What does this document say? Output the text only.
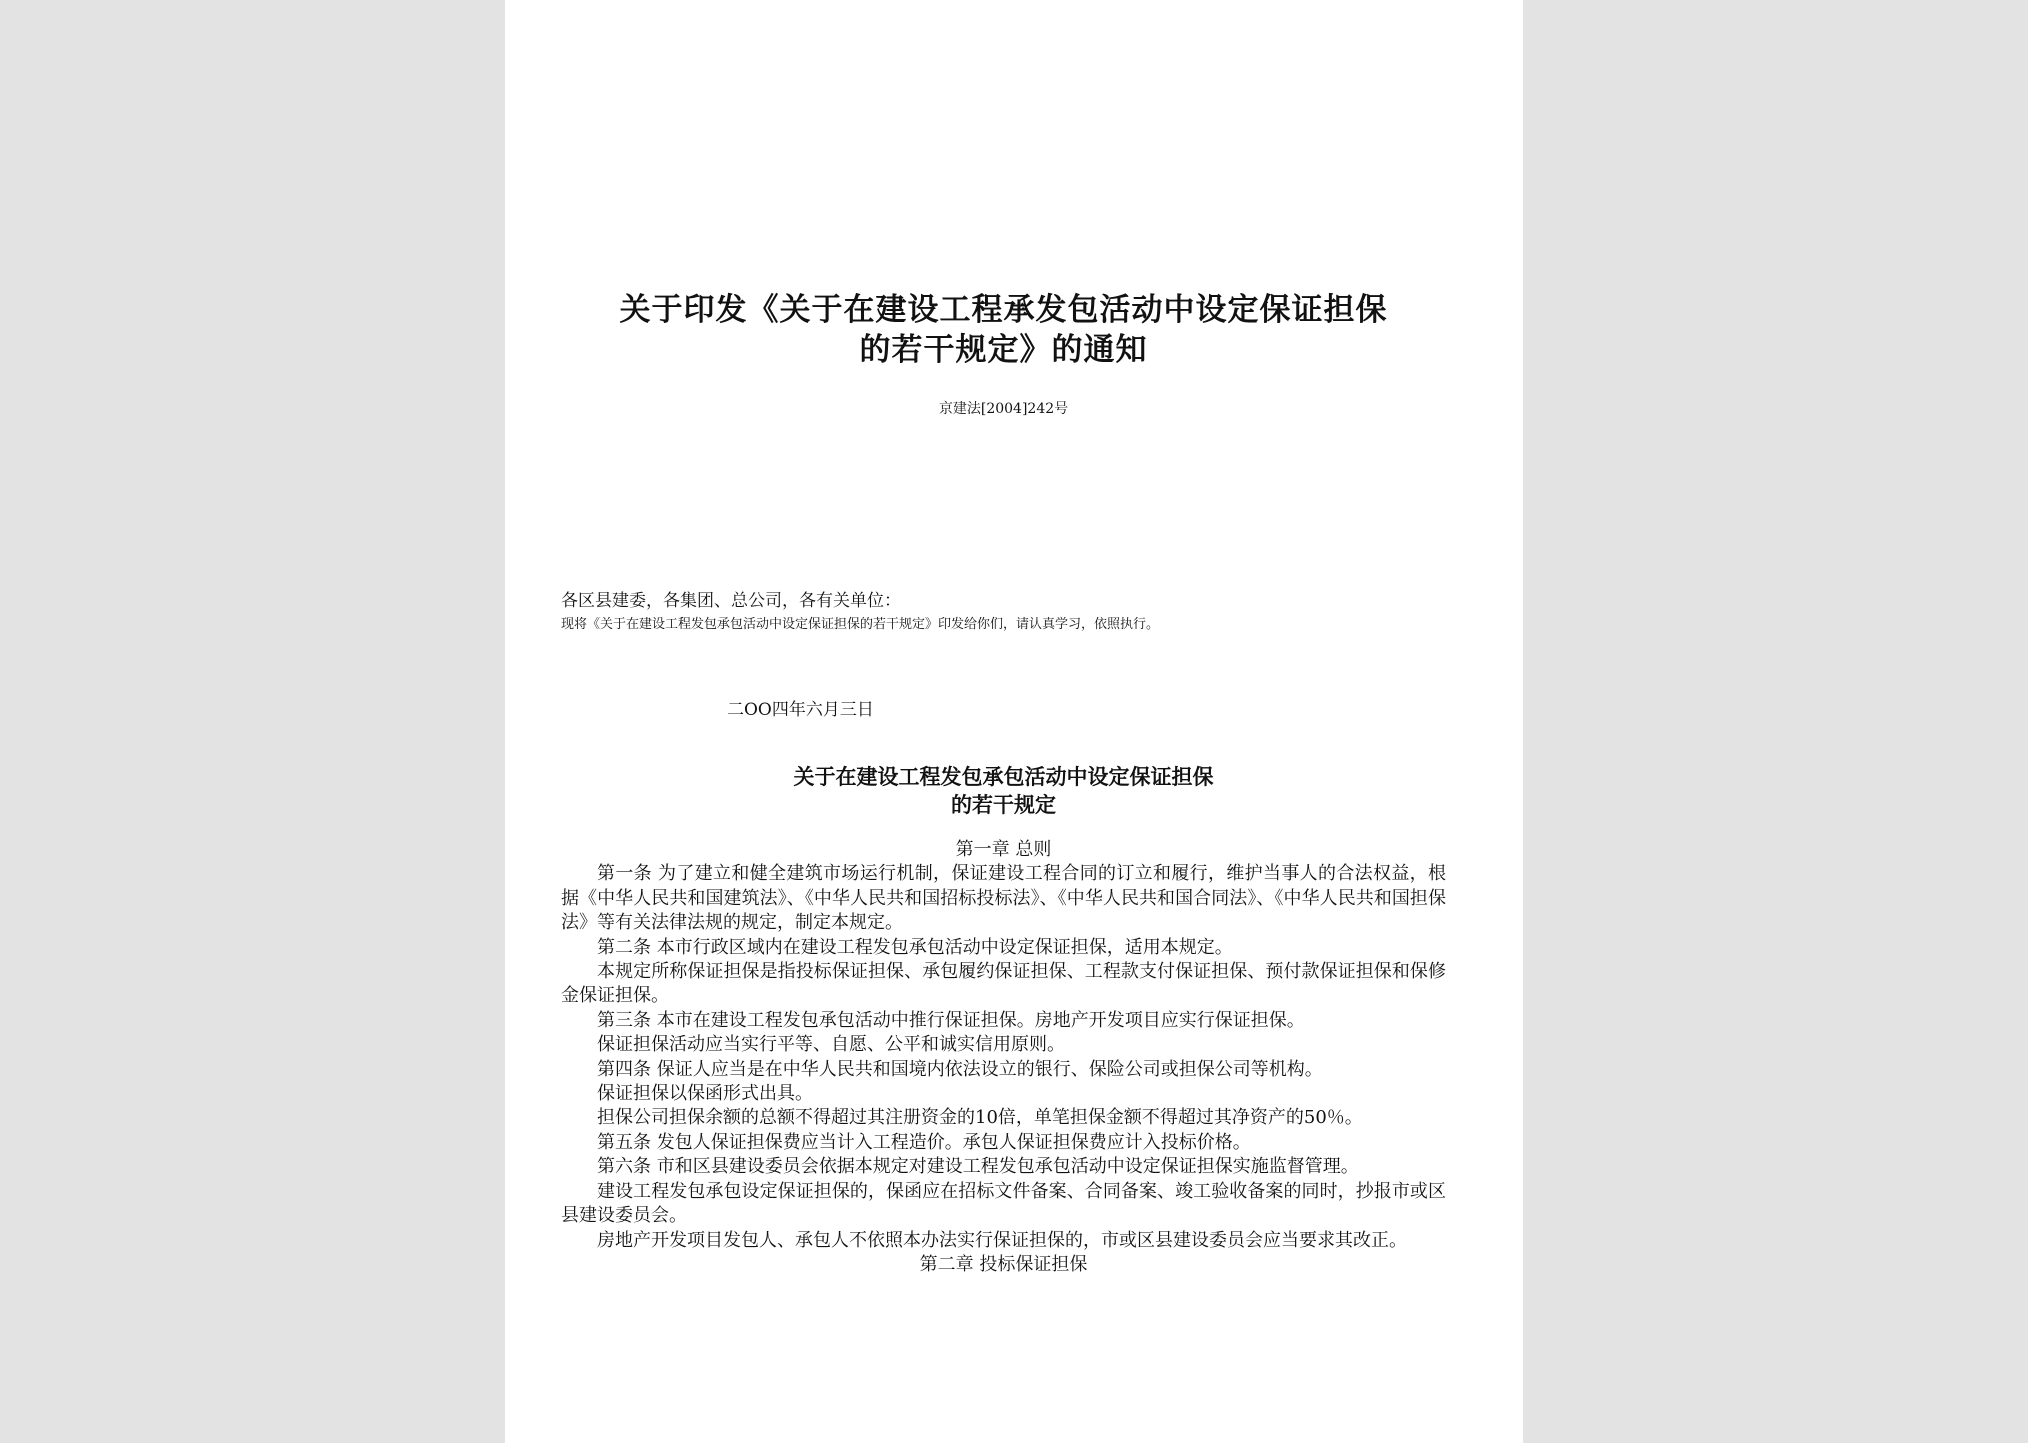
关于印发《关于在建设工程承发包活动中设定保证担保
的若干规定》的通知
京建法[2004]242号
各区县建委，各集团、总公司，各有关单位：
现将《关于在建设工程发包承包活动中设定保证担保的若干规定》印发给你们，请认真学习，依照执行。
二OO四年六月三日
关于在建设工程发包承包活动中设定保证担保
的若干规定
第一章 总则
第一条 为了建立和健全建筑市场运行机制，保证建设工程合同的订立和履行，维护当事人的合法权益，根据《中华人民共和国建筑法》、《中华人民共和国招标投标法》、《中华人民共和国合同法》、《中华人民共和国担保法》等有关法律法规的规定，制定本规定。
第二条 本市行政区域内在建设工程发包承包活动中设定保证担保，适用本规定。
本规定所称保证担保是指投标保证担保、承包履约保证担保、工程款支付保证担保、预付款保证担保和保修金保证担保。
第三条 本市在建设工程发包承包活动中推行保证担保。房地产开发项目应实行保证担保。
保证担保活动应当实行平等、自愿、公平和诚实信用原则。
第四条 保证人应当是在中华人民共和国境内依法设立的银行、保险公司或担保公司等机构。
保证担保以保函形式出具。
担保公司担保余额的总额不得超过其注册资金的10倍，单笔担保金额不得超过其净资产的50％。
第五条 发包人保证担保费应当计入工程造价。承包人保证担保费应计入投标价格。
第六条 市和区县建设委员会依据本规定对建设工程发包承包活动中设定保证担保实施监督管理。
建设工程发包承包设定保证担保的，保函应在招标文件备案、合同备案、竣工验收备案的同时，抄报市或区县建设委员会。
房地产开发项目发包人、承包人不依照本办法实行保证担保的，市或区县建设委员会应当要求其改正。
第二章 投标保证担保
